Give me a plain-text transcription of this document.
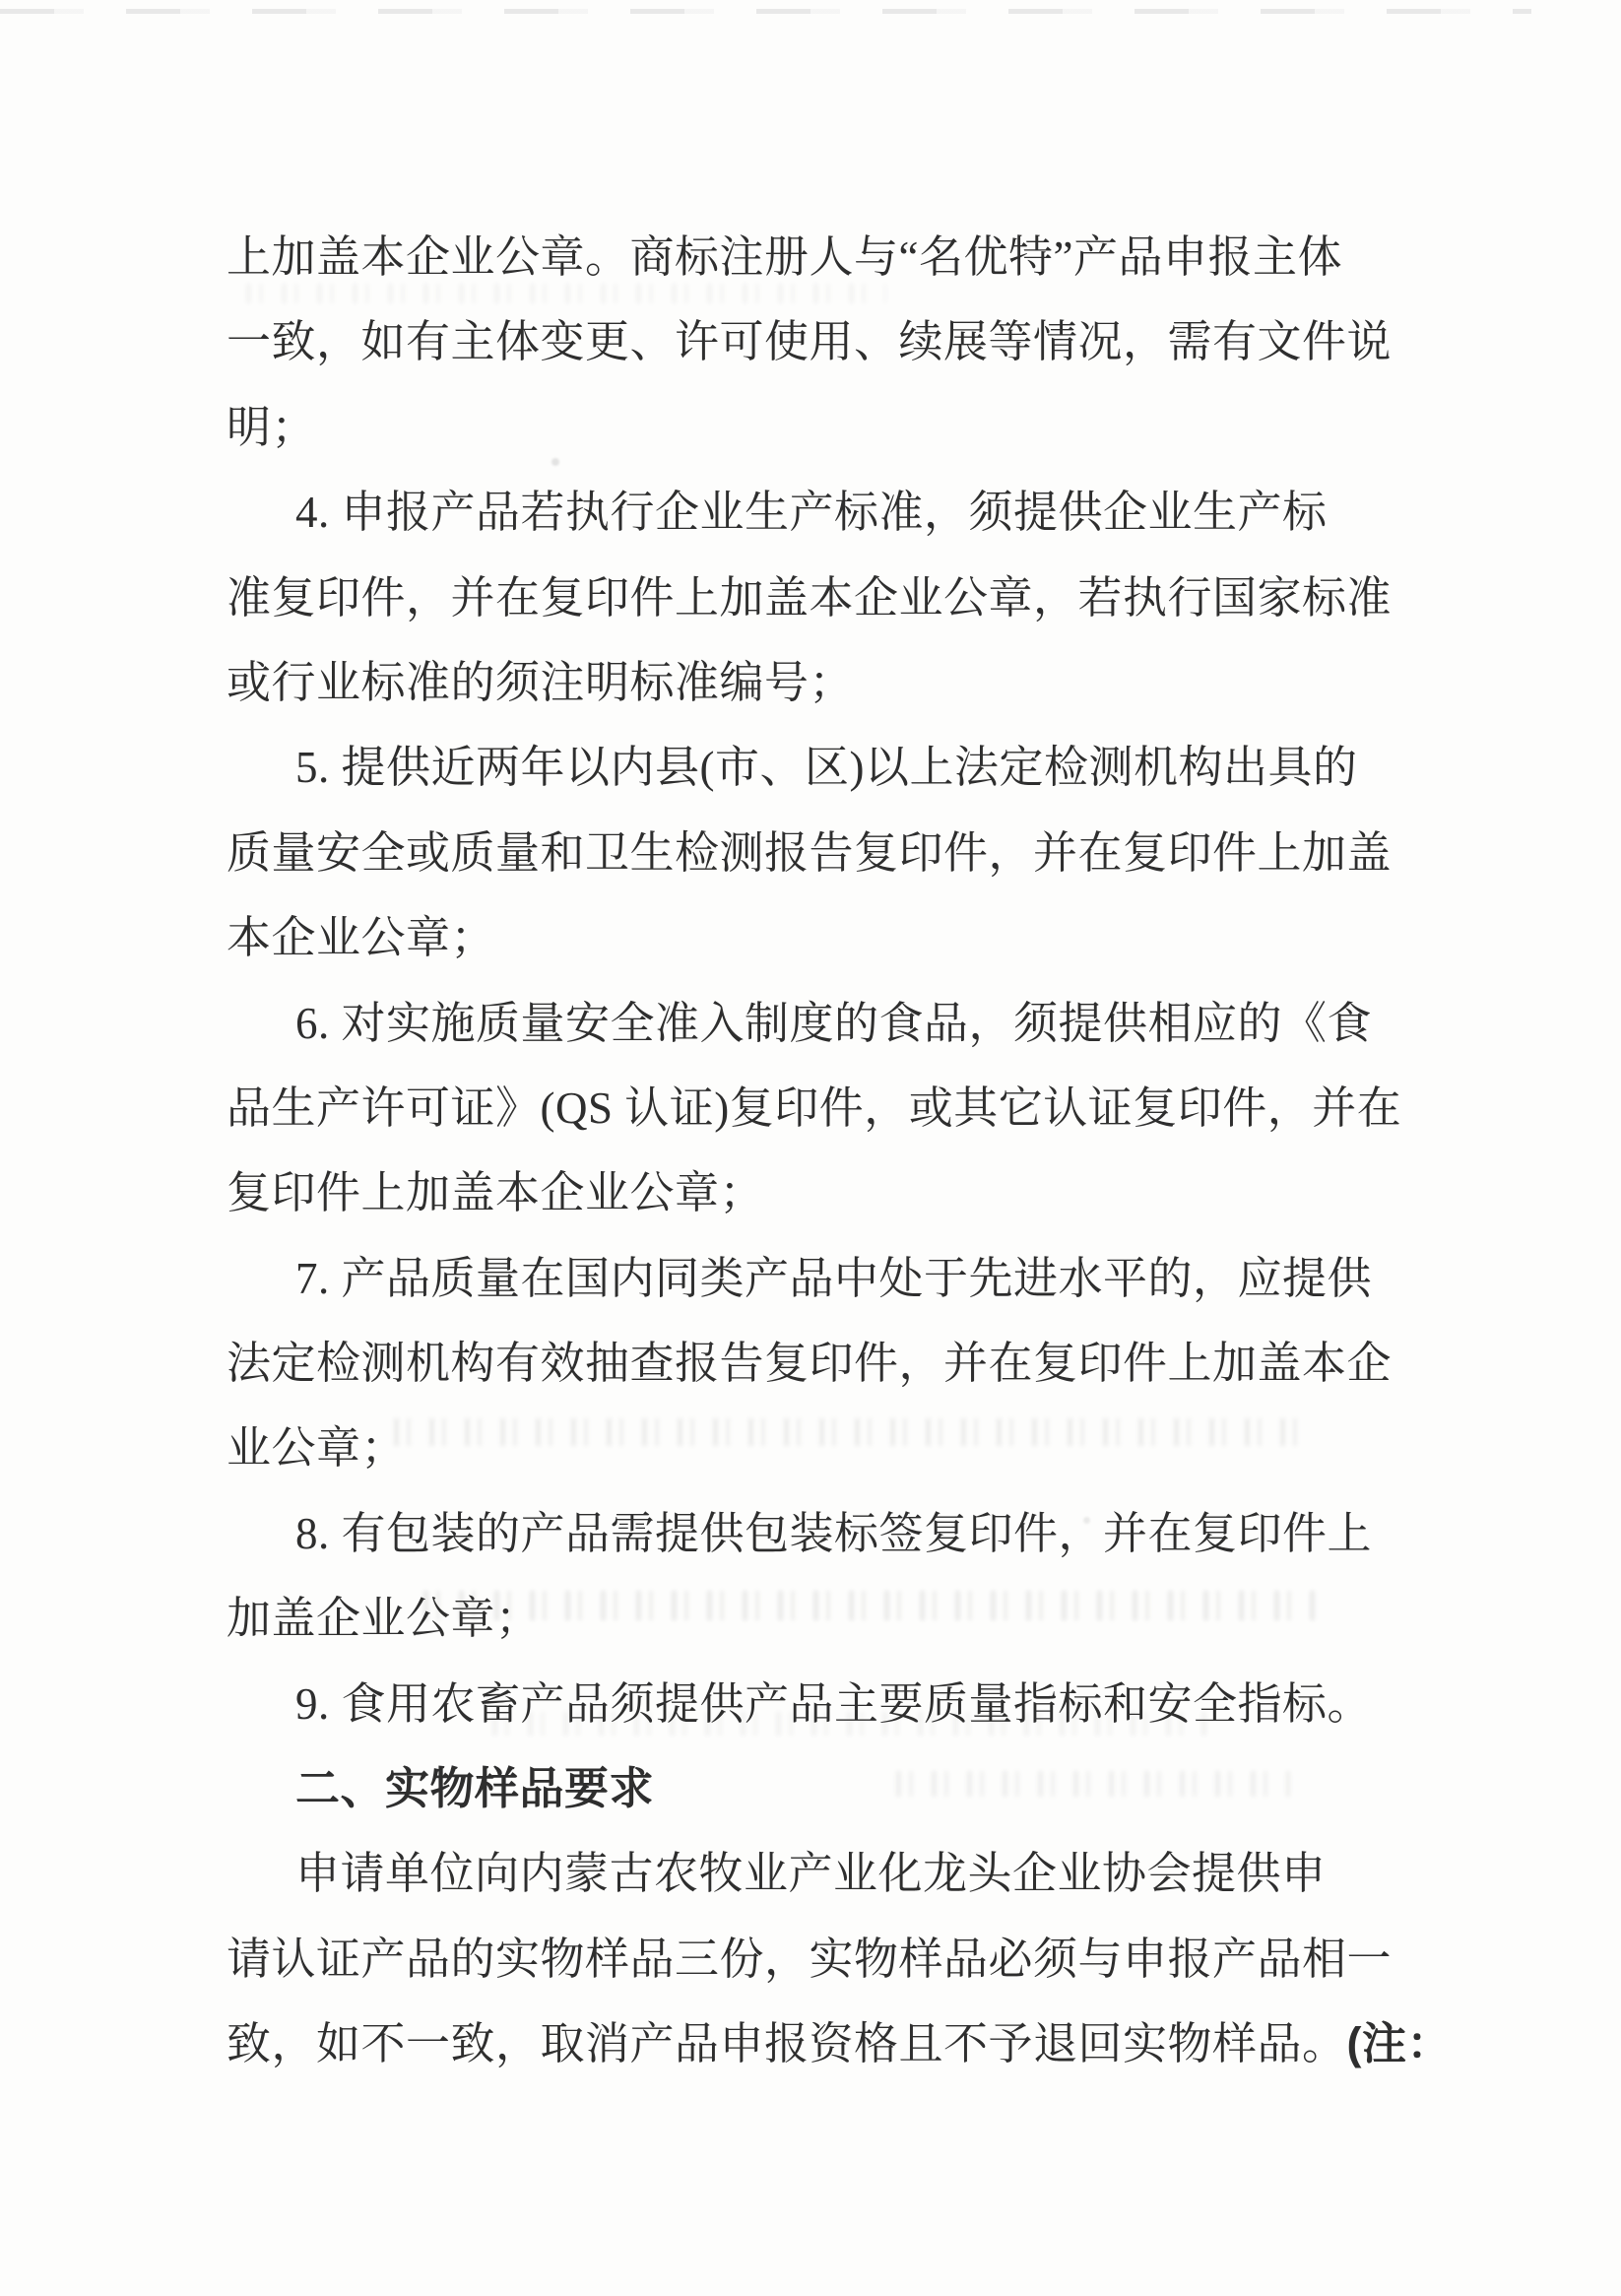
上加盖本企业公章。商标注册人与“名优特”产品申报主体
一致，如有主体变更、许可使用、续展等情况，需有文件说
明；
4. 申报产品若执行企业生产标准，须提供企业生产标
准复印件，并在复印件上加盖本企业公章，若执行国家标准
或行业标准的须注明标准编号；
5. 提供近两年以内县(市、区)以上法定检测机构出具的
质量安全或质量和卫生检测报告复印件，并在复印件上加盖
本企业公章；
6. 对实施质量安全准入制度的食品，须提供相应的《食
品生产许可证》(QS 认证)复印件，或其它认证复印件，并在
复印件上加盖本企业公章；
7. 产品质量在国内同类产品中处于先进水平的，应提供
法定检测机构有效抽查报告复印件，并在复印件上加盖本企
业公章；
8. 有包装的产品需提供包装标签复印件，并在复印件上
加盖企业公章；
9. 食用农畜产品须提供产品主要质量指标和安全指标。
二、实物样品要求
申请单位向内蒙古农牧业产业化龙头企业协会提供申
请认证产品的实物样品三份，实物样品必须与申报产品相一
致，如不一致，取消产品申报资格且不予退回实物样品。(注：
